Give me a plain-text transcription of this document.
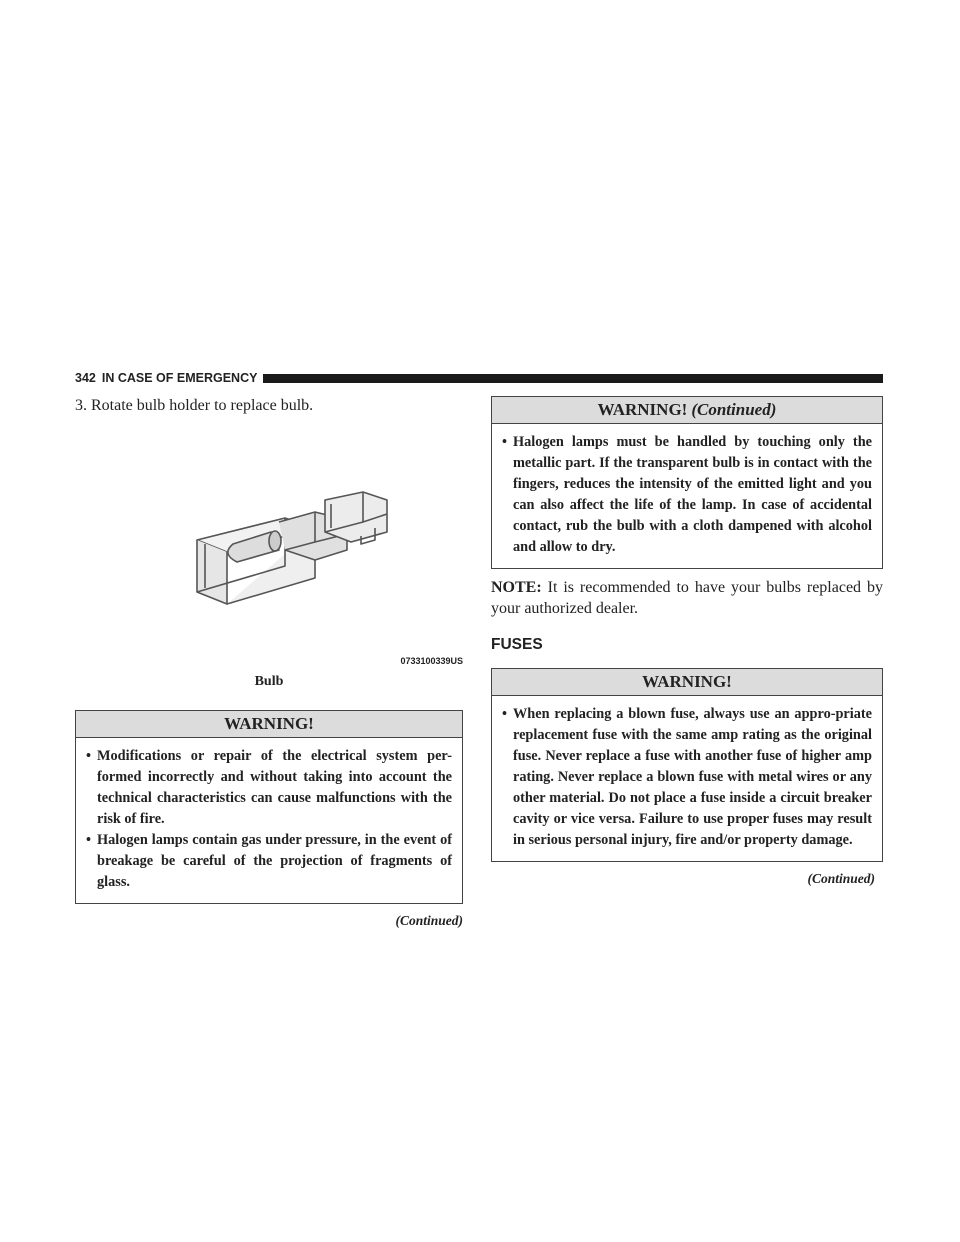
342 IN CASE OF EMERGENCY

3. Rotate bulb holder to replace bulb.

0733100339US
Bulb
WARNING!
• Modifications or repair of the electrical system per-formed incorrectly and without taking into account the technical characteristics can cause malfunctions with the risk of fire.
• Halogen lamps contain gas under pressure, in the event of breakage be careful of the projection of fragments of glass.
(Continued)
WARNING! (Continued)
• Halogen lamps must be handled by touching only the metallic part. If the transparent bulb is in contact with the fingers, reduces the intensity of the emitted light and you can also affect the life of the lamp. In case of accidental contact, rub the bulb with a cloth dampened with alcohol and allow to dry.

NOTE: It is recommended to have your bulbs replaced by your authorized dealer.

FUSES
WARNING!
• When replacing a blown fuse, always use an appro-priate replacement fuse with the same amp rating as the original fuse. Never replace a fuse with another fuse of higher amp rating. Never replace a blown fuse with metal wires or any other material. Do not place a fuse inside a circuit breaker cavity or vice versa. Failure to use proper fuses may result in serious personal injury, fire and/or property damage.
(Continued)
